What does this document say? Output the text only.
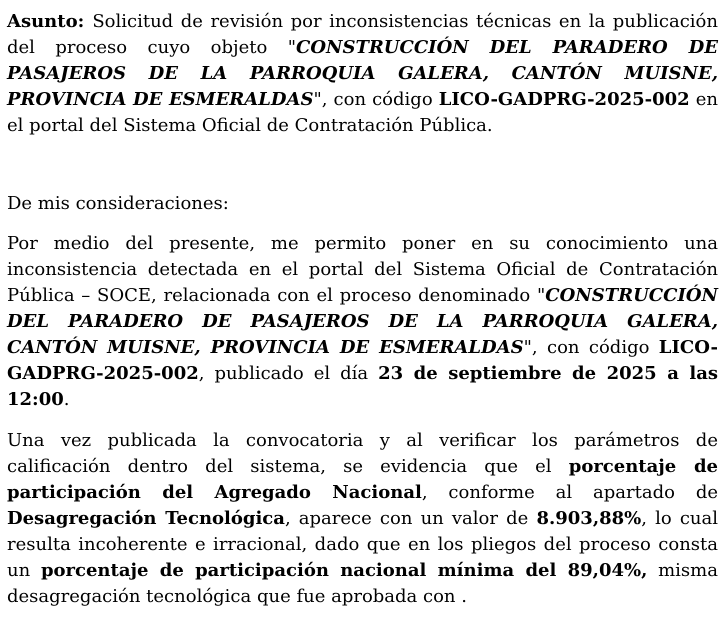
Asunto: Solicitud de revisión por inconsistencias técnicas en la publicación del proceso cuyo objeto "CONSTRUCCIÓN DEL PARADERO DE PASAJEROS DE LA PARROQUIA GALERA, CANTÓN MUISNE, PROVINCIA DE ESMERALDAS", con código LICO-GADPRG-2025-002 en el portal del Sistema Oficial de Contratación Pública.

De mis consideraciones:

Por medio del presente, me permito poner en su conocimiento una inconsistencia detectada en el portal del Sistema Oficial de Contratación Pública – SOCE, relacionada con el proceso denominado "CONSTRUCCIÓN DEL PARADERO DE PASAJEROS DE LA PARROQUIA GALERA, CANTÓN MUISNE, PROVINCIA DE ESMERALDAS", con código LICO-GADPRG-2025-002, publicado el día 23 de septiembre de 2025 a las 12:00.

Una vez publicada la convocatoria y al verificar los parámetros de calificación dentro del sistema, se evidencia que el porcentaje de participación del Agregado Nacional, conforme al apartado de Desagregación Tecnológica, aparece con un valor de 8.903,88%, lo cual resulta incoherente e irracional, dado que en los pliegos del proceso consta un porcentaje de participación nacional mínima del 89,04%, misma desagregación tecnológica que fue aprobada con .
